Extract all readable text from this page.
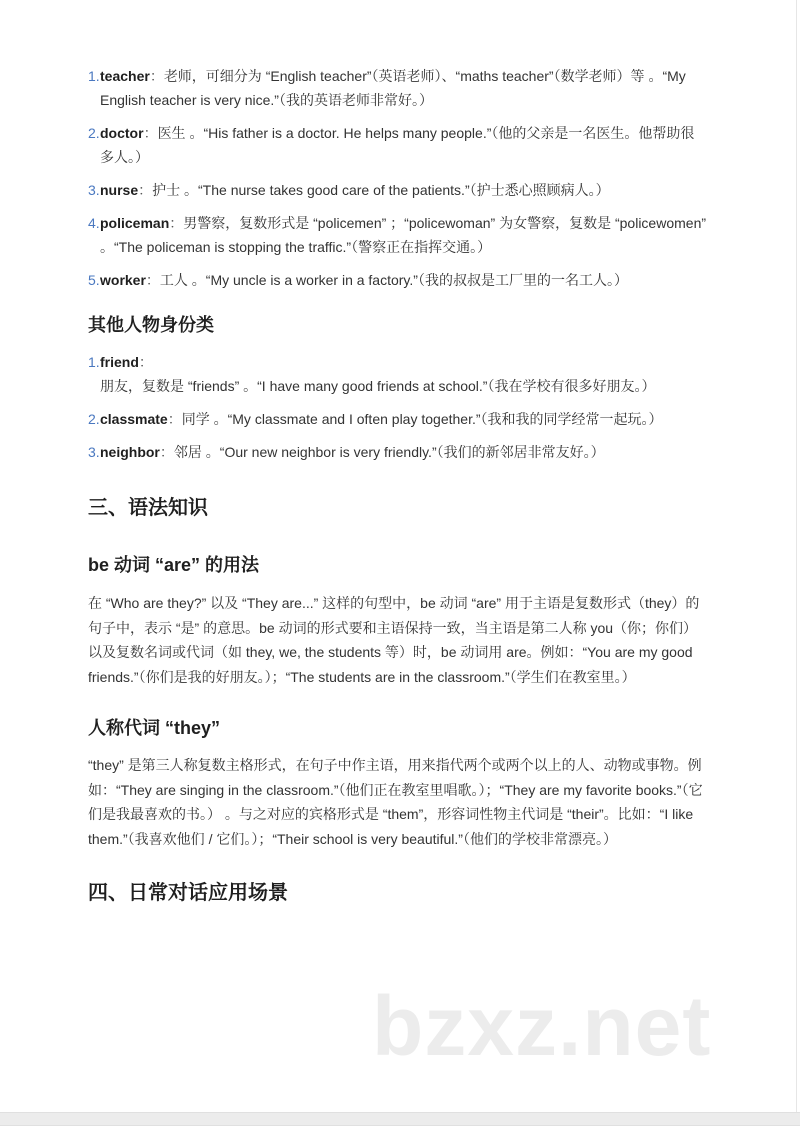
1. teacher：老师，可细分为 “English teacher”（英语老师）、“maths teacher”（数学老师）等 。“My English teacher is very nice.”（我的英语老师非常好。）
2. doctor：医生 。“His father is a doctor. He helps many people.”（他的父亲是一名医生。他帮助很多人。）
3. nurse：护士 。“The nurse takes good care of the patients.”（护士悉心照顾病人。）
4. policeman：男警察，复数形式是 “policemen” ；“policewoman” 为女警察，复数是 “policewomen” 。“The policeman is stopping the traffic.”（警察正在指挥交通。）
5. worker：工人 。“My uncle is a worker in a factory.”（我的叔叔是工厂里的一名工人。）
其他人物身份类
1. friend：朋友，复数是 “friends” 。“I have many good friends at school.”（我在学校有很多好朋友。）
2. classmate：同学 。“My classmate and I often play together.”（我和我的同学经常一起玩。）
3. neighbor：邻居 。“Our new neighbor is very friendly.”（我们的新邻居非常友好。）
三、语法知识
be 动词 “are” 的用法

在 “Who are they?” 以及 “They are...” 这样的句型中，be 动词 “are” 用于主语是复数形式（they）的句子中，表示 “是” 的意思。be 动词的形式要和主语保持一致，当主语是第二人称 you（你；你们）以及复数名词或代词（如 they, we, the students 等）时，be 动词用 are。例如：“You are my good friends.”（你们是我的好朋友。）；“The students are in the classroom.”（学生们在教室里。）

人称代词 “they”

“they” 是第三人称复数主格形式，在句子中作主语，用来指代两个或两个以上的人、动物或事物。例如：“They are singing in the classroom.”（他们正在教室里唱歌。）；“They are my favorite books.”（它们是我最喜欢的书。） 。与之对应的宾格形式是 “them”，形容词性物主代词是 “their”。比如：“I like them.”（我喜欢他们 / 它们。）；“Their school is very beautiful.”（他们的学校非常漂亮。）

四、日常对话应用场景
bzxz.net
